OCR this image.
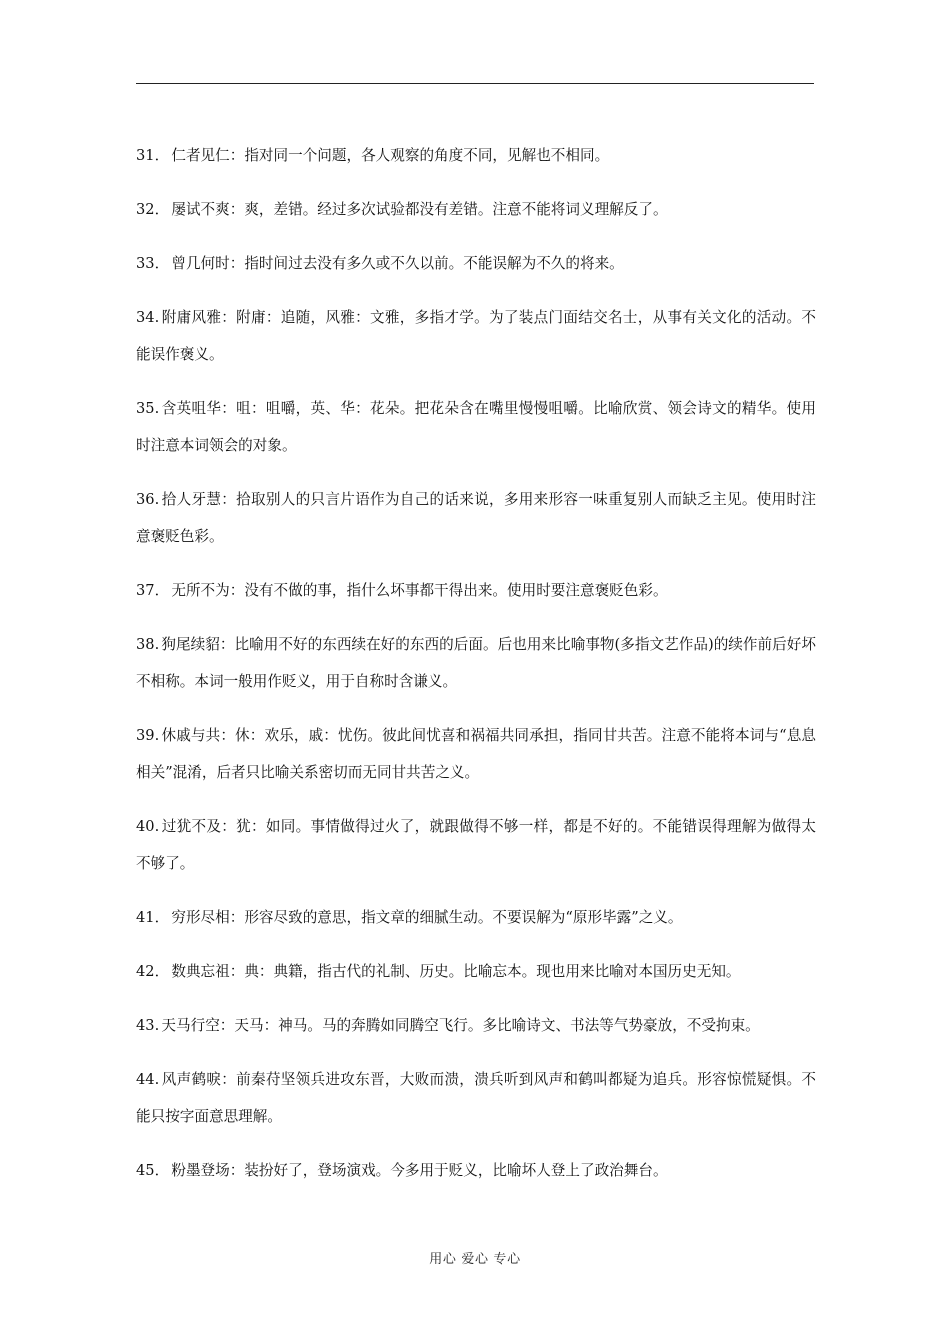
31． 仁者见仁：指对同一个问题，各人观察的角度不同，见解也不相同。

32． 屡试不爽：爽，差错。经过多次试验都没有差错。注意不能将词义理解反了。

33． 曾几何时：指时间过去没有多久或不久以前。不能误解为不久的将来。

34. 附庸风雅：附庸：追随，风雅：文雅，多指才学。为了装点门面结交名士，从事有关文化的活动。不能误作褒义。

35. 含英咀华：咀：咀嚼，英、华：花朵。把花朵含在嘴里慢慢咀嚼。比喻欣赏、领会诗文的精华。使用时注意本词领会的对象。

36. 拾人牙慧：拾取别人的只言片语作为自己的话来说，多用来形容一味重复别人而缺乏主见。使用时注意褒贬色彩。

37． 无所不为：没有不做的事，指什么坏事都干得出来。使用时要注意褒贬色彩。

38. 狗尾续貂：比喻用不好的东西续在好的东西的后面。后也用来比喻事物(多指文艺作品)的续作前后好坏不相称。本词一般用作贬义，用于自称时含谦义。

39. 休戚与共：休：欢乐，戚：忧伤。彼此间忧喜和祸福共同承担，指同甘共苦。注意不能将本词与“息息相关”混淆，后者只比喻关系密切而无同甘共苦之义。

40. 过犹不及：犹：如同。事情做得过火了，就跟做得不够一样，都是不好的。不能错误得理解为做得太不够了。

41． 穷形尽相：形容尽致的意思，指文章的细腻生动。不要误解为“原形毕露”之义。

42． 数典忘祖：典：典籍，指古代的礼制、历史。比喻忘本。现也用来比喻对本国历史无知。

43. 天马行空：天马：神马。马的奔腾如同腾空飞行。多比喻诗文、书法等气势豪放，不受拘束。

44. 风声鹤唳：前秦苻坚领兵进攻东晋，大败而溃，溃兵听到风声和鹤叫都疑为追兵。形容惊慌疑惧。不能只按字面意思理解。

45． 粉墨登场：装扮好了，登场演戏。今多用于贬义，比喻坏人登上了政治舞台。

用心 爱心 专心
